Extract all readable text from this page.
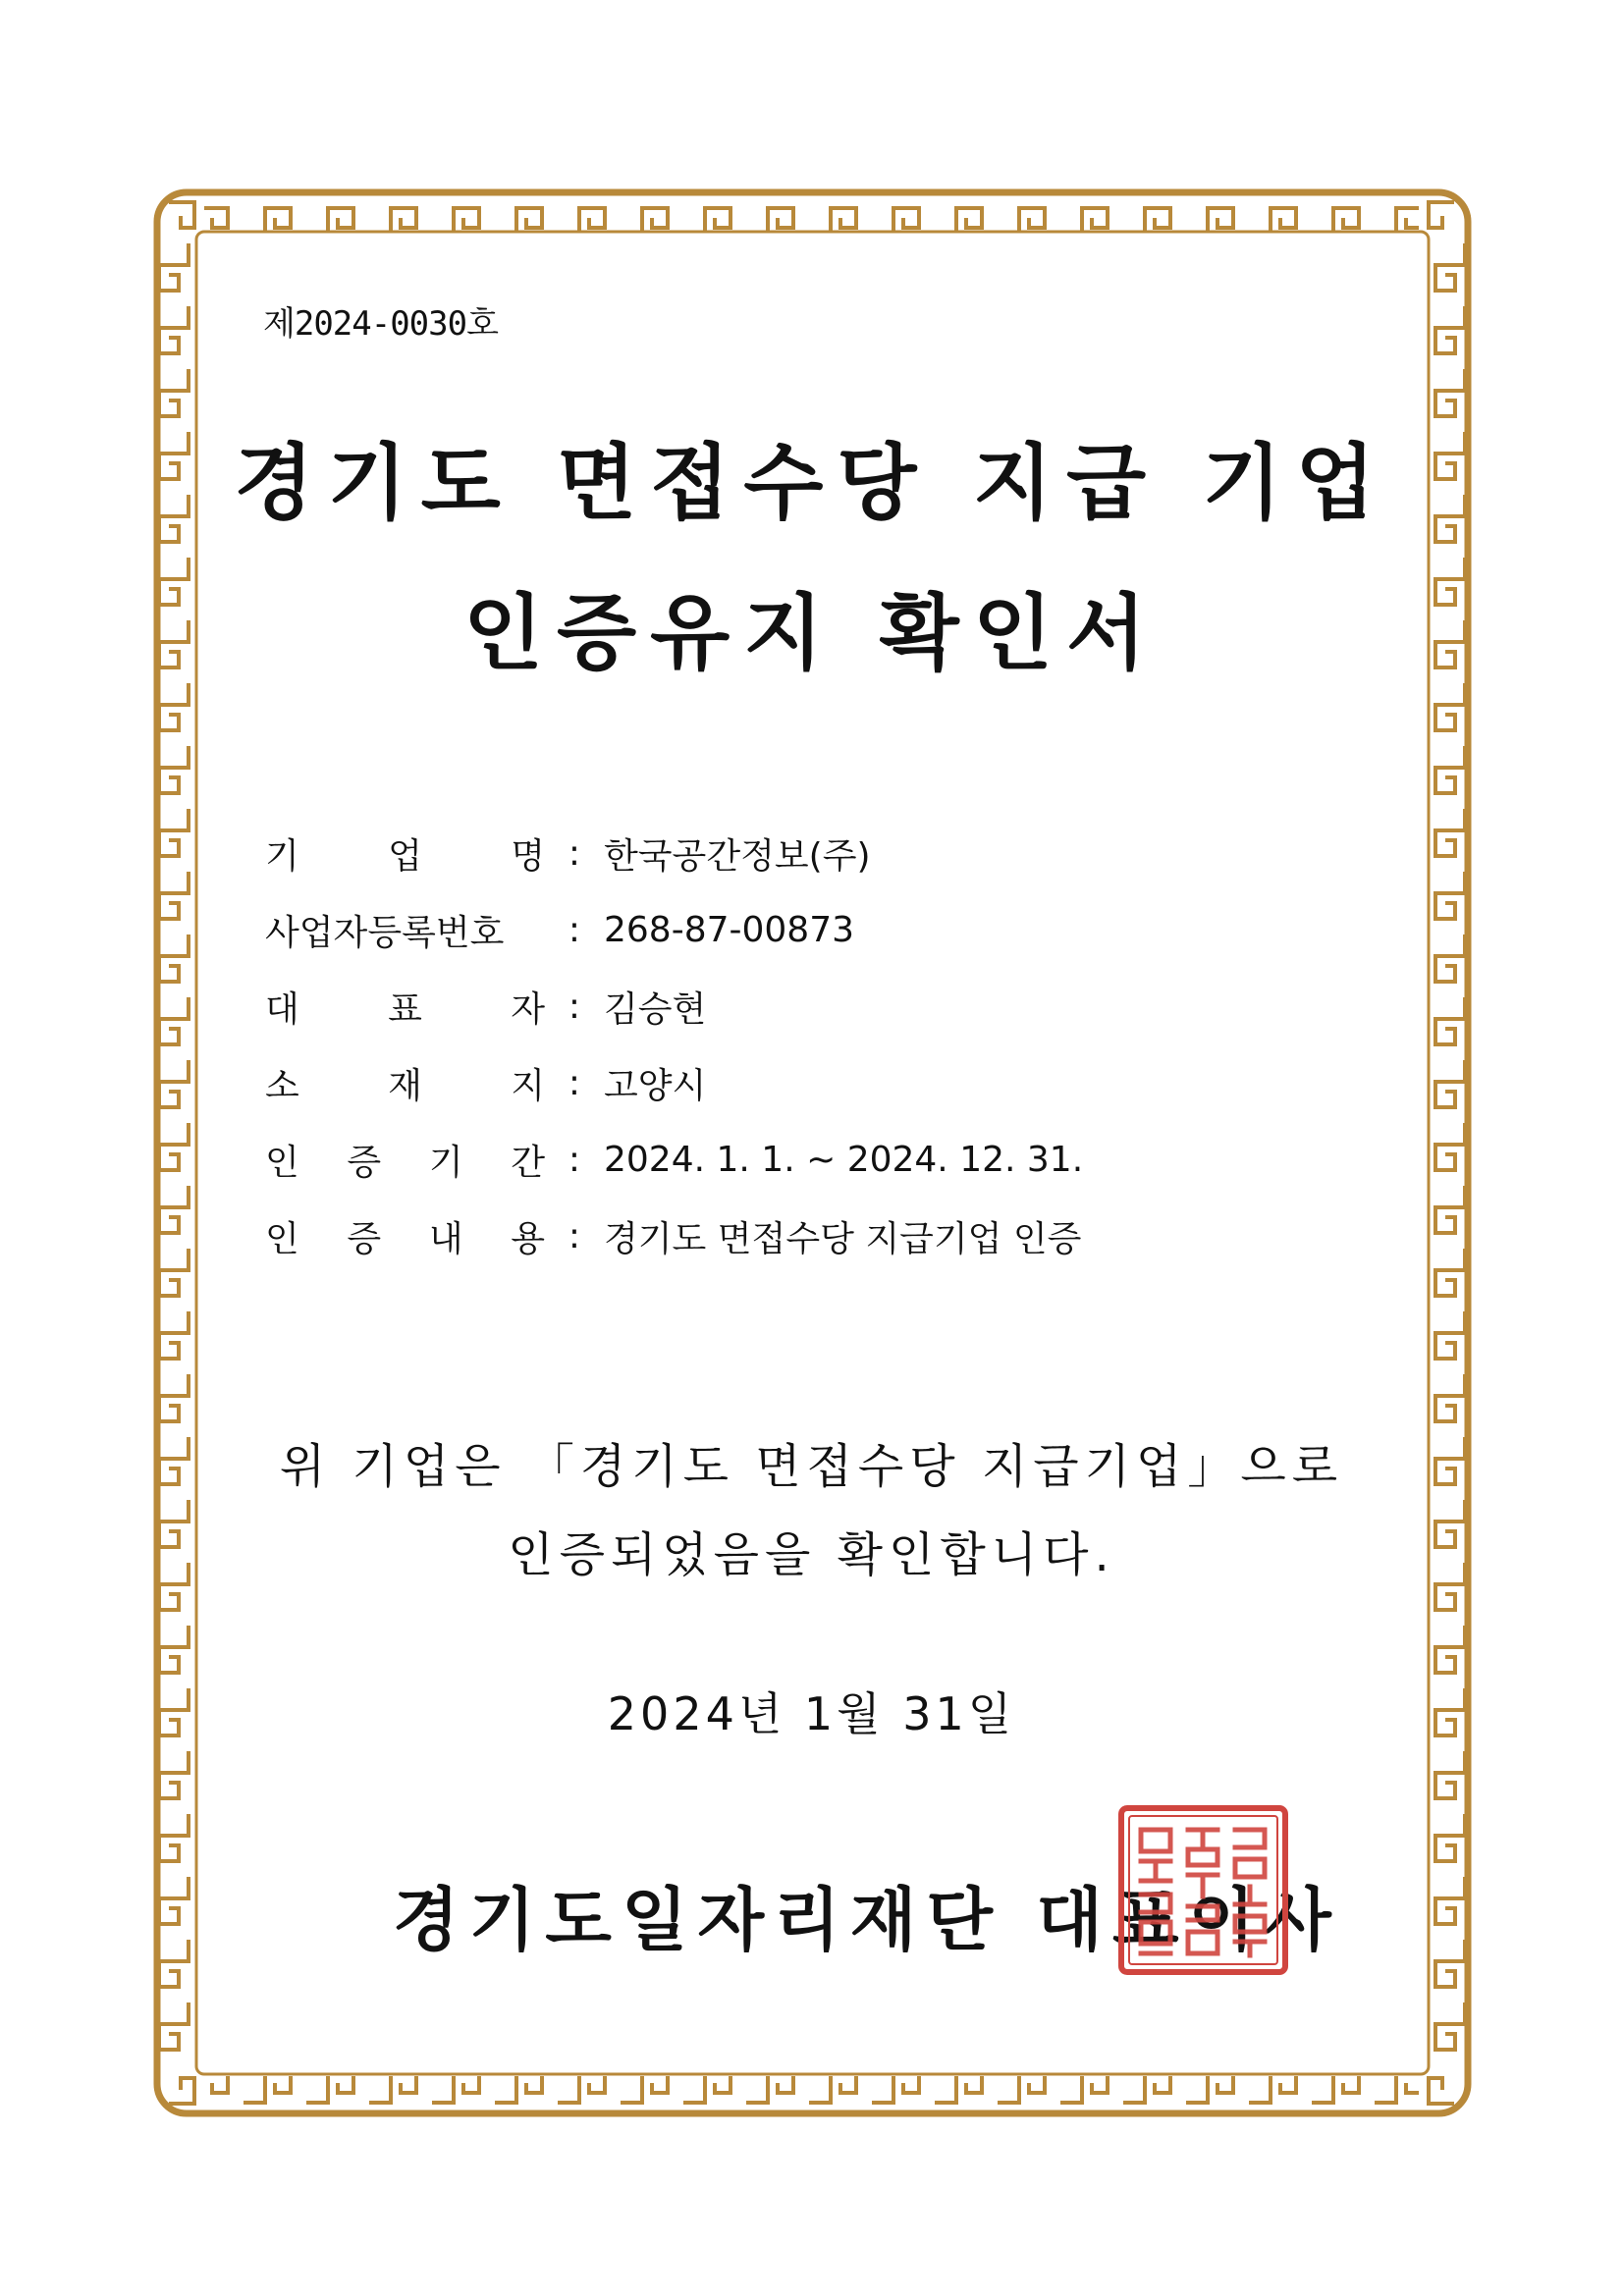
제2024-0030호
경기도 면접수당 지급 기업
인증유지 확인서
기	업	명 : 한국공간정보(주)
사업자등록번호	: 268-87-00873
대	표	자 : 김승현
소	재	지 : 고양시
인 증 기 간 : 2024. 1. 1. ~ 2024. 12. 31.
인 증 내 용 : 경기도 면접수당 지급기업 인증
위 기업은 「경기도 면접수당 지급기업」으로
인증되었음을 확인합니다.
2024년 1월 31일
경기도일자리재단 대표이사
